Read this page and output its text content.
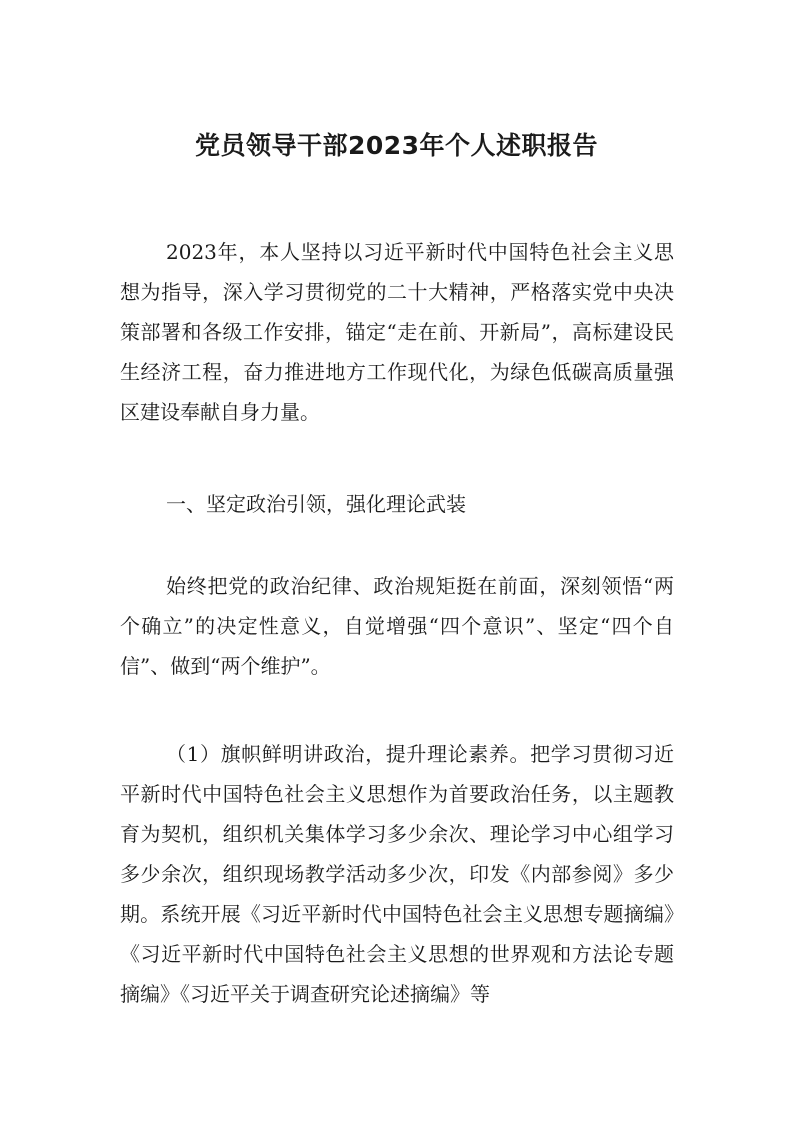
党员领导干部2023年个人述职报告

2023年，本人坚持以习近平新时代中国特色社会主义思想为指导，深入学习贯彻党的二十大精神，严格落实党中央决策部署和各级工作安排，锚定“走在前、开新局”，高标建设民生经济工程，奋力推进地方工作现代化，为绿色低碳高质量强区建设奉献自身力量。

一、坚定政治引领，强化理论武装

始终把党的政治纪律、政治规矩挺在前面，深刻领悟“两个确立”的决定性意义，自觉增强“四个意识”、坚定“四个自信”、做到“两个维护”。

（1）旗帜鲜明讲政治，提升理论素养。把学习贯彻习近平新时代中国特色社会主义思想作为首要政治任务，以主题教育为契机，组织机关集体学习多少余次、理论学习中心组学习多少余次，组织现场教学活动多少次，印发《内部参阅》多少期。系统开展《习近平新时代中国特色社会主义思想专题摘编》《习近平新时代中国特色社会主义思想的世界观和方法论专题摘编》《习近平关于调查研究论述摘编》等
